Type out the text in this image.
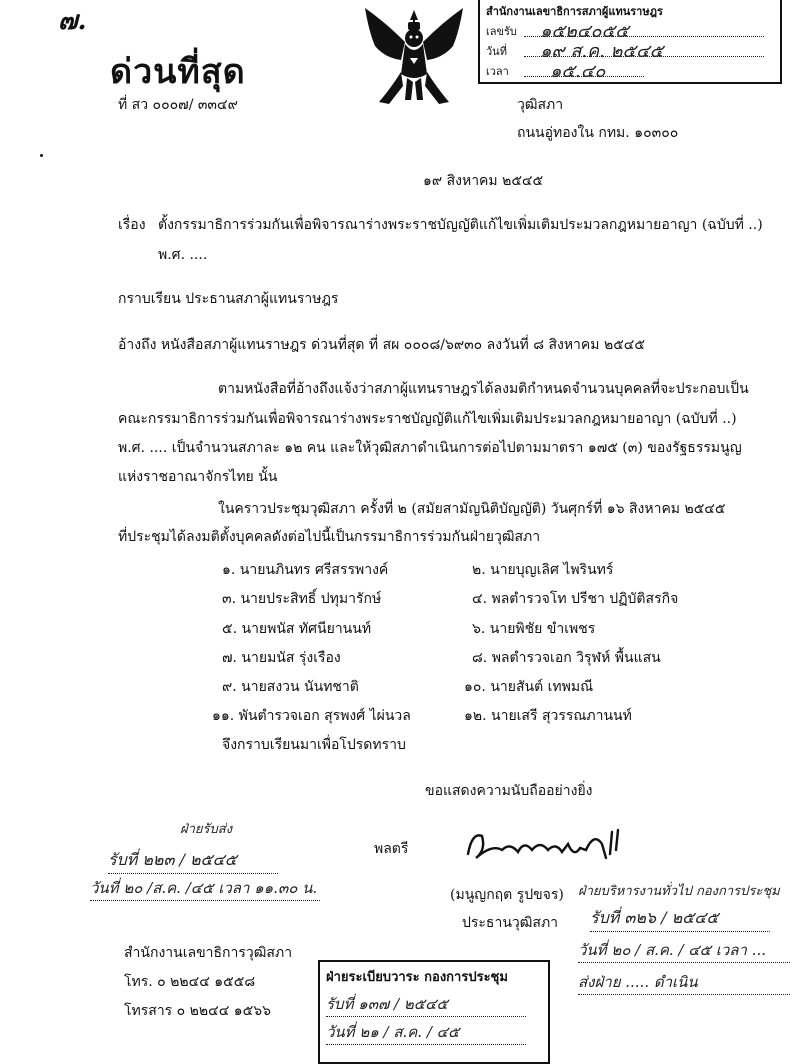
๗.
ด่วนที่สุด
ที่ สว ๐๐๐๗/ ๓๓๔๙
สำนักงานเลขาธิการสภาผู้แทนราษฎร
เลขรับ
วันที่
เวลา
๑๕๒๔๐๕๕
๑๙ ส.ค. ๒๕๔๕
๑๕.๔๐
วุฒิสภา
ถนนอู่ทองใน กทม. ๑๐๓๐๐
๑๙ สิงหาคม ๒๕๔๕
เรื่อง ตั้งกรรมาธิการร่วมกันเพื่อพิจารณาร่างพระราชบัญญัติแก้ไขเพิ่มเติมประมวลกฎหมายอาญา (ฉบับที่ ..)
พ.ศ. ....
กราบเรียน ประธานสภาผู้แทนราษฎร
อ้างถึง หนังสือสภาผู้แทนราษฎร ด่วนที่สุด ที่ สผ ๐๐๐๘/๖๙๓๐ ลงวันที่ ๘ สิงหาคม ๒๕๔๕
ตามหนังสือที่อ้างถึงแจ้งว่าสภาผู้แทนราษฎรได้ลงมติกำหนดจำนวนบุคคลที่จะประกอบเป็น
คณะกรรมาธิการร่วมกันเพื่อพิจารณาร่างพระราชบัญญัติแก้ไขเพิ่มเติมประมวลกฎหมายอาญา (ฉบับที่ ..)
พ.ศ. .... เป็นจำนวนสภาละ ๑๒ คน และให้วุฒิสภาดำเนินการต่อไปตามมาตรา ๑๗๕ (๓) ของรัฐธรรมนูญ
แห่งราชอาณาจักรไทย นั้น
ในคราวประชุมวุฒิสภา ครั้งที่ ๒ (สมัยสามัญนิติบัญญัติ) วันศุกร์ที่ ๑๖ สิงหาคม ๒๕๔๕
ที่ประชุมได้ลงมติตั้งบุคคลดังต่อไปนี้เป็นกรรมาธิการร่วมกันฝ่ายวุฒิสภา
๑. นายนภินทร ศรีสรรพางค์
๓. นายประสิทธิ์ ปทุมารักษ์
๕. นายพนัส ทัศนียานนท์
๗. นายมนัส รุ่งเรือง
๙. นายสงวน นันทชาติ
๑๑. พันตำรวจเอก สุรพงศ์ ไผ่นวล
๒. นายบุญเลิศ ไพรินทร์
๔. พลตำรวจโท ปรีชา ปฏิบัติสรกิจ
๖. นายพิชัย ขำเพชร
๘. พลตำรวจเอก วิรุฬห์ พื้นแสน
๑๐. นายสันต์ เทพมณี
๑๒. นายเสรี สุวรรณภานนท์
จึงกราบเรียนมาเพื่อโปรดทราบ
ขอแสดงความนับถืออย่างยิ่ง
พลตรี
(มนูญกฤต รูปขจร)
ประธานวุฒิสภา
ฝ่ายรับส่ง
รับที่ ๒๒๓ / ๒๕๔๕
วันที่ ๒๐ /ส.ค. /๔๕ เวลา ๑๑.๓๐ น.	ฝ่ายบริหารงานทั่วไป กองการประชุม
รับที่ ๓๒๖ / ๒๕๔๕
วันที่ ๒๐ / ส.ค. / ๔๕ เวลา ...
ส่งฝ่าย ..... ดำเนิน
สำนักงานเลขาธิการวุฒิสภา
โทร. ๐ ๒๒๔๔ ๑๕๕๘
โทรสาร ๐ ๒๒๔๔ ๑๕๖๖
ฝ่ายระเบียบวาระ กองการประชุม
รับที่ ๑๓๗ / ๒๕๔๕
วันที่ ๒๑ / ส.ค. / ๔๕
